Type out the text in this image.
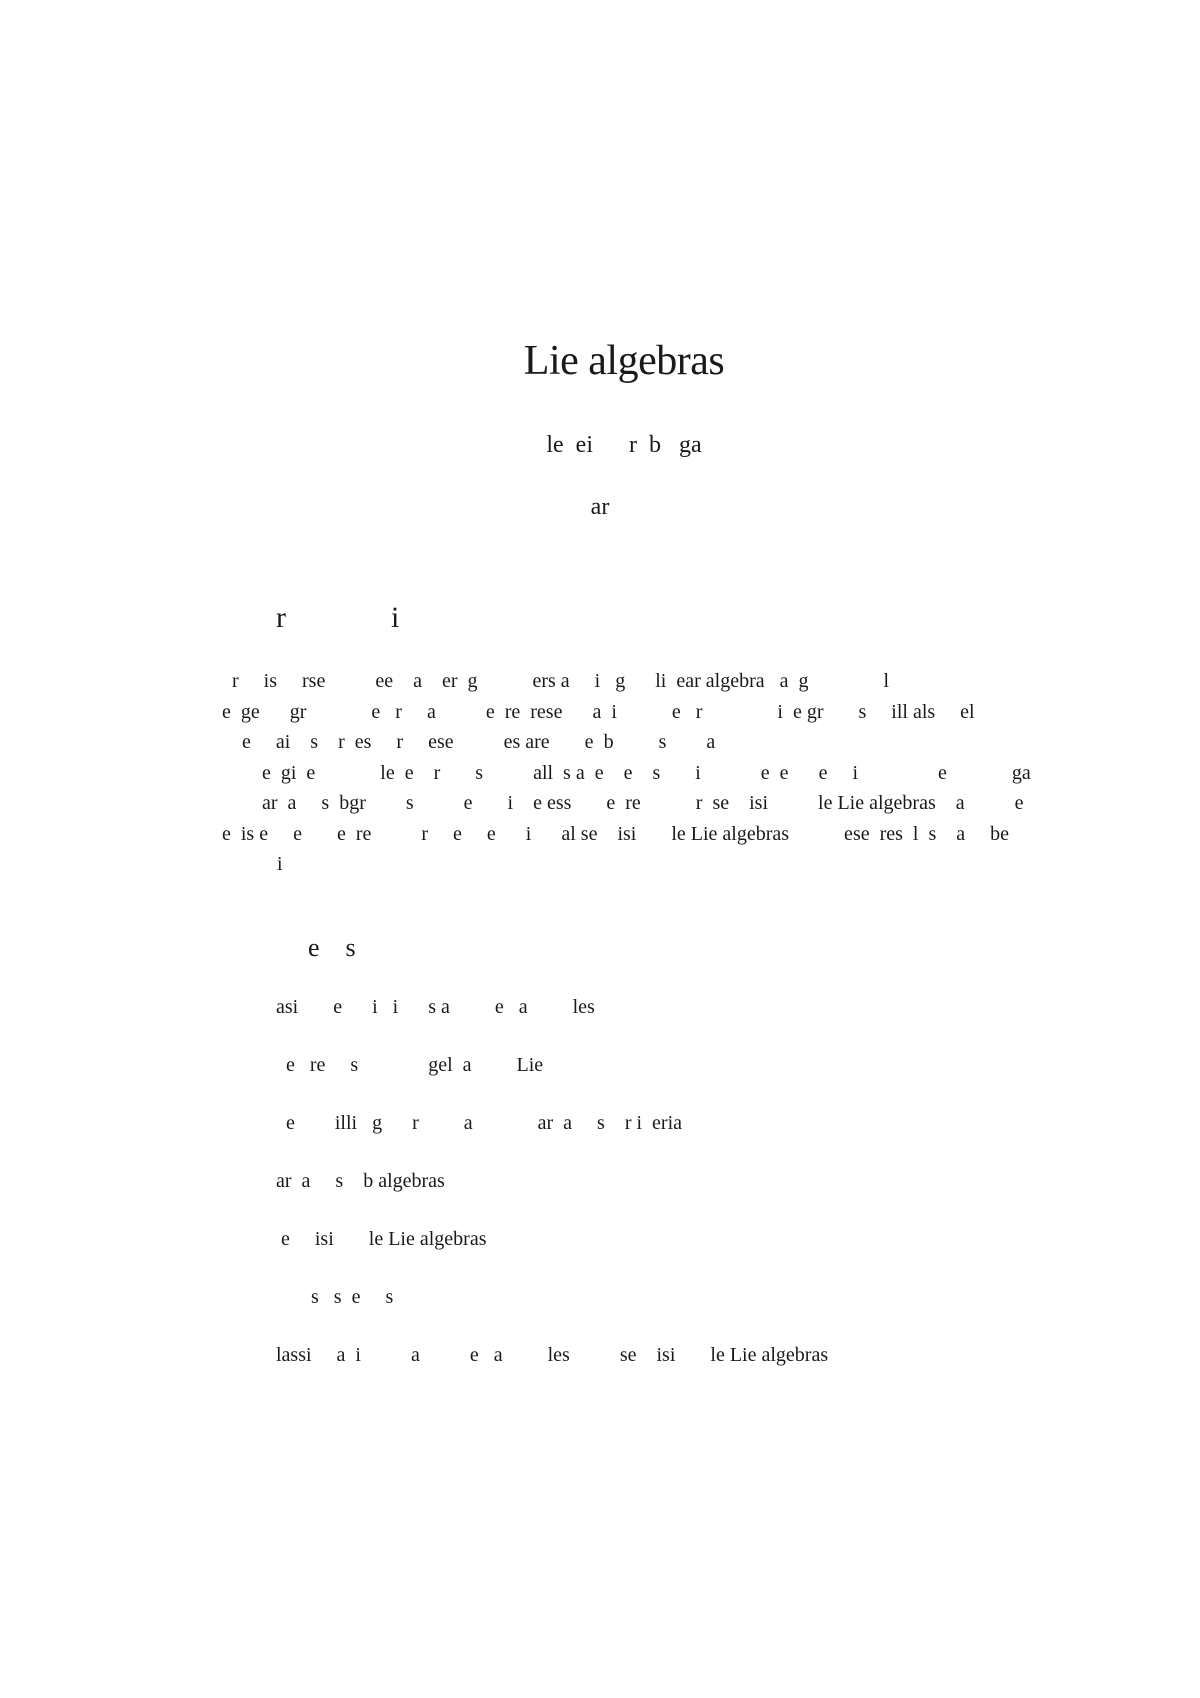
Lie algebras
le  ei      r  b   ga
ar
r              i
r     is     rse          ee    a    er  g           ers a     i   g      li  ear algebra   a  g               l
e  ge      gr             e   r     a          e  re  rese      a  i           e   r               i  e gr       s     ill als     el
e     ai    s    r  es     r     ese          es are       e  b         s        a
e  gi  e             le  e    r       s          all  s a  e    e    s       i            e  e      e     i                e             ga
ar  a     s  bgr        s          e       i    e ess       e  re           r  se    isi          le Lie algebras    a          e
e  is e     e       e  re          r     e     e      i      al se    isi       le Lie algebras           ese  res  l  s    a     be
i
e    s
asi       e      i   i      s a         e   a         les
e   re     s              gel  a         Lie
e        illi   g      r         a             ar  a     s    r i  eria
ar  a     s    b algebras
e     isi       le Lie algebras
s   s  e     s
lassi     a  i          a          e   a         les          se    isi       le Lie algebras
